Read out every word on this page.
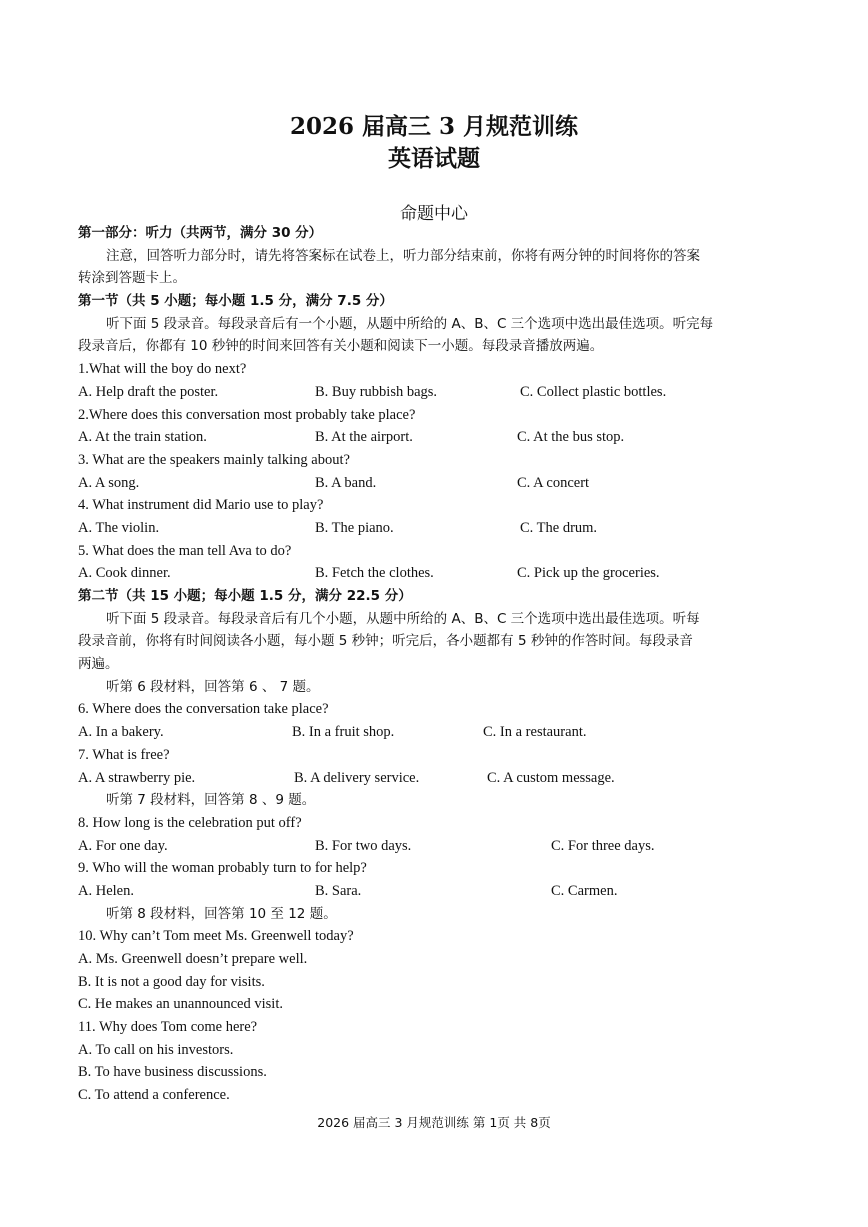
2026 届高三 3 月规范训练
英语试题
命题中心
第一部分：听力（共两节，满分 30 分）
注意，回答听力部分时，请先将答案标在试卷上，听力部分结束前，你将有两分钟的时间将你的答案
转涂到答题卡上。
第一节（共 5 小题；每小题 1.5 分，满分 7.5 分）
听下面 5 段录音。每段录音后有一个小题，从题中所给的 A、B、C 三个选项中选出最佳选项。听完每
段录音后，你都有 10 秒钟的时间来回答有关小题和阅读下一小题。每段录音播放两遍。
1.What will the boy do next?
A. Help draft the poster.	B. Buy rubbish bags.	C. Collect plastic bottles.
2.Where does this conversation most probably take place?
A. At the train station.	B. At the airport.	C. At the bus stop.
3. What are the speakers mainly talking about?
A. A song.	B. A band.	C. A concert
4. What instrument did Mario use to play?
A. The violin.	B. The piano.	C. The drum.
5. What does the man tell Ava to do?
A. Cook dinner.	B. Fetch the clothes.	C. Pick up the groceries.
第二节（共 15 小题；每小题 1.5 分，满分 22.5 分）
听下面 5 段录音。每段录音后有几个小题，从题中所给的 A、B、C 三个选项中选出最佳选项。听每
段录音前，你将有时间阅读各小题，每小题 5 秒钟；听完后，各小题都有 5 秒钟的作答时间。每段录音
两遍。
听第 6 段材料，回答第 6 、 7 题。
6. Where does the conversation take place?
A. In a bakery.	B. In a fruit shop.	C. In a restaurant.
7. What is free?
A. A strawberry pie.	B. A delivery service.	C. A custom message.
听第 7 段材料，回答第 8 、9 题。
8. How long is the celebration put off?
A. For one day.	B. For two days.	C. For three days.
9. Who will the woman probably turn to for help?
A. Helen.	B. Sara.	C. Carmen.
听第 8 段材料，回答第 10 至 12 题。
10. Why can’t Tom meet Ms. Greenwell today?
A. Ms. Greenwell doesn’t prepare well.
B. It is not a good day for visits.
C. He makes an unannounced visit.
11. Why does Tom come here?
A. To call on his investors.
B. To have business discussions.
C. To attend a conference.
2026 届高三 3 月规范训练 第 1页 共 8页
